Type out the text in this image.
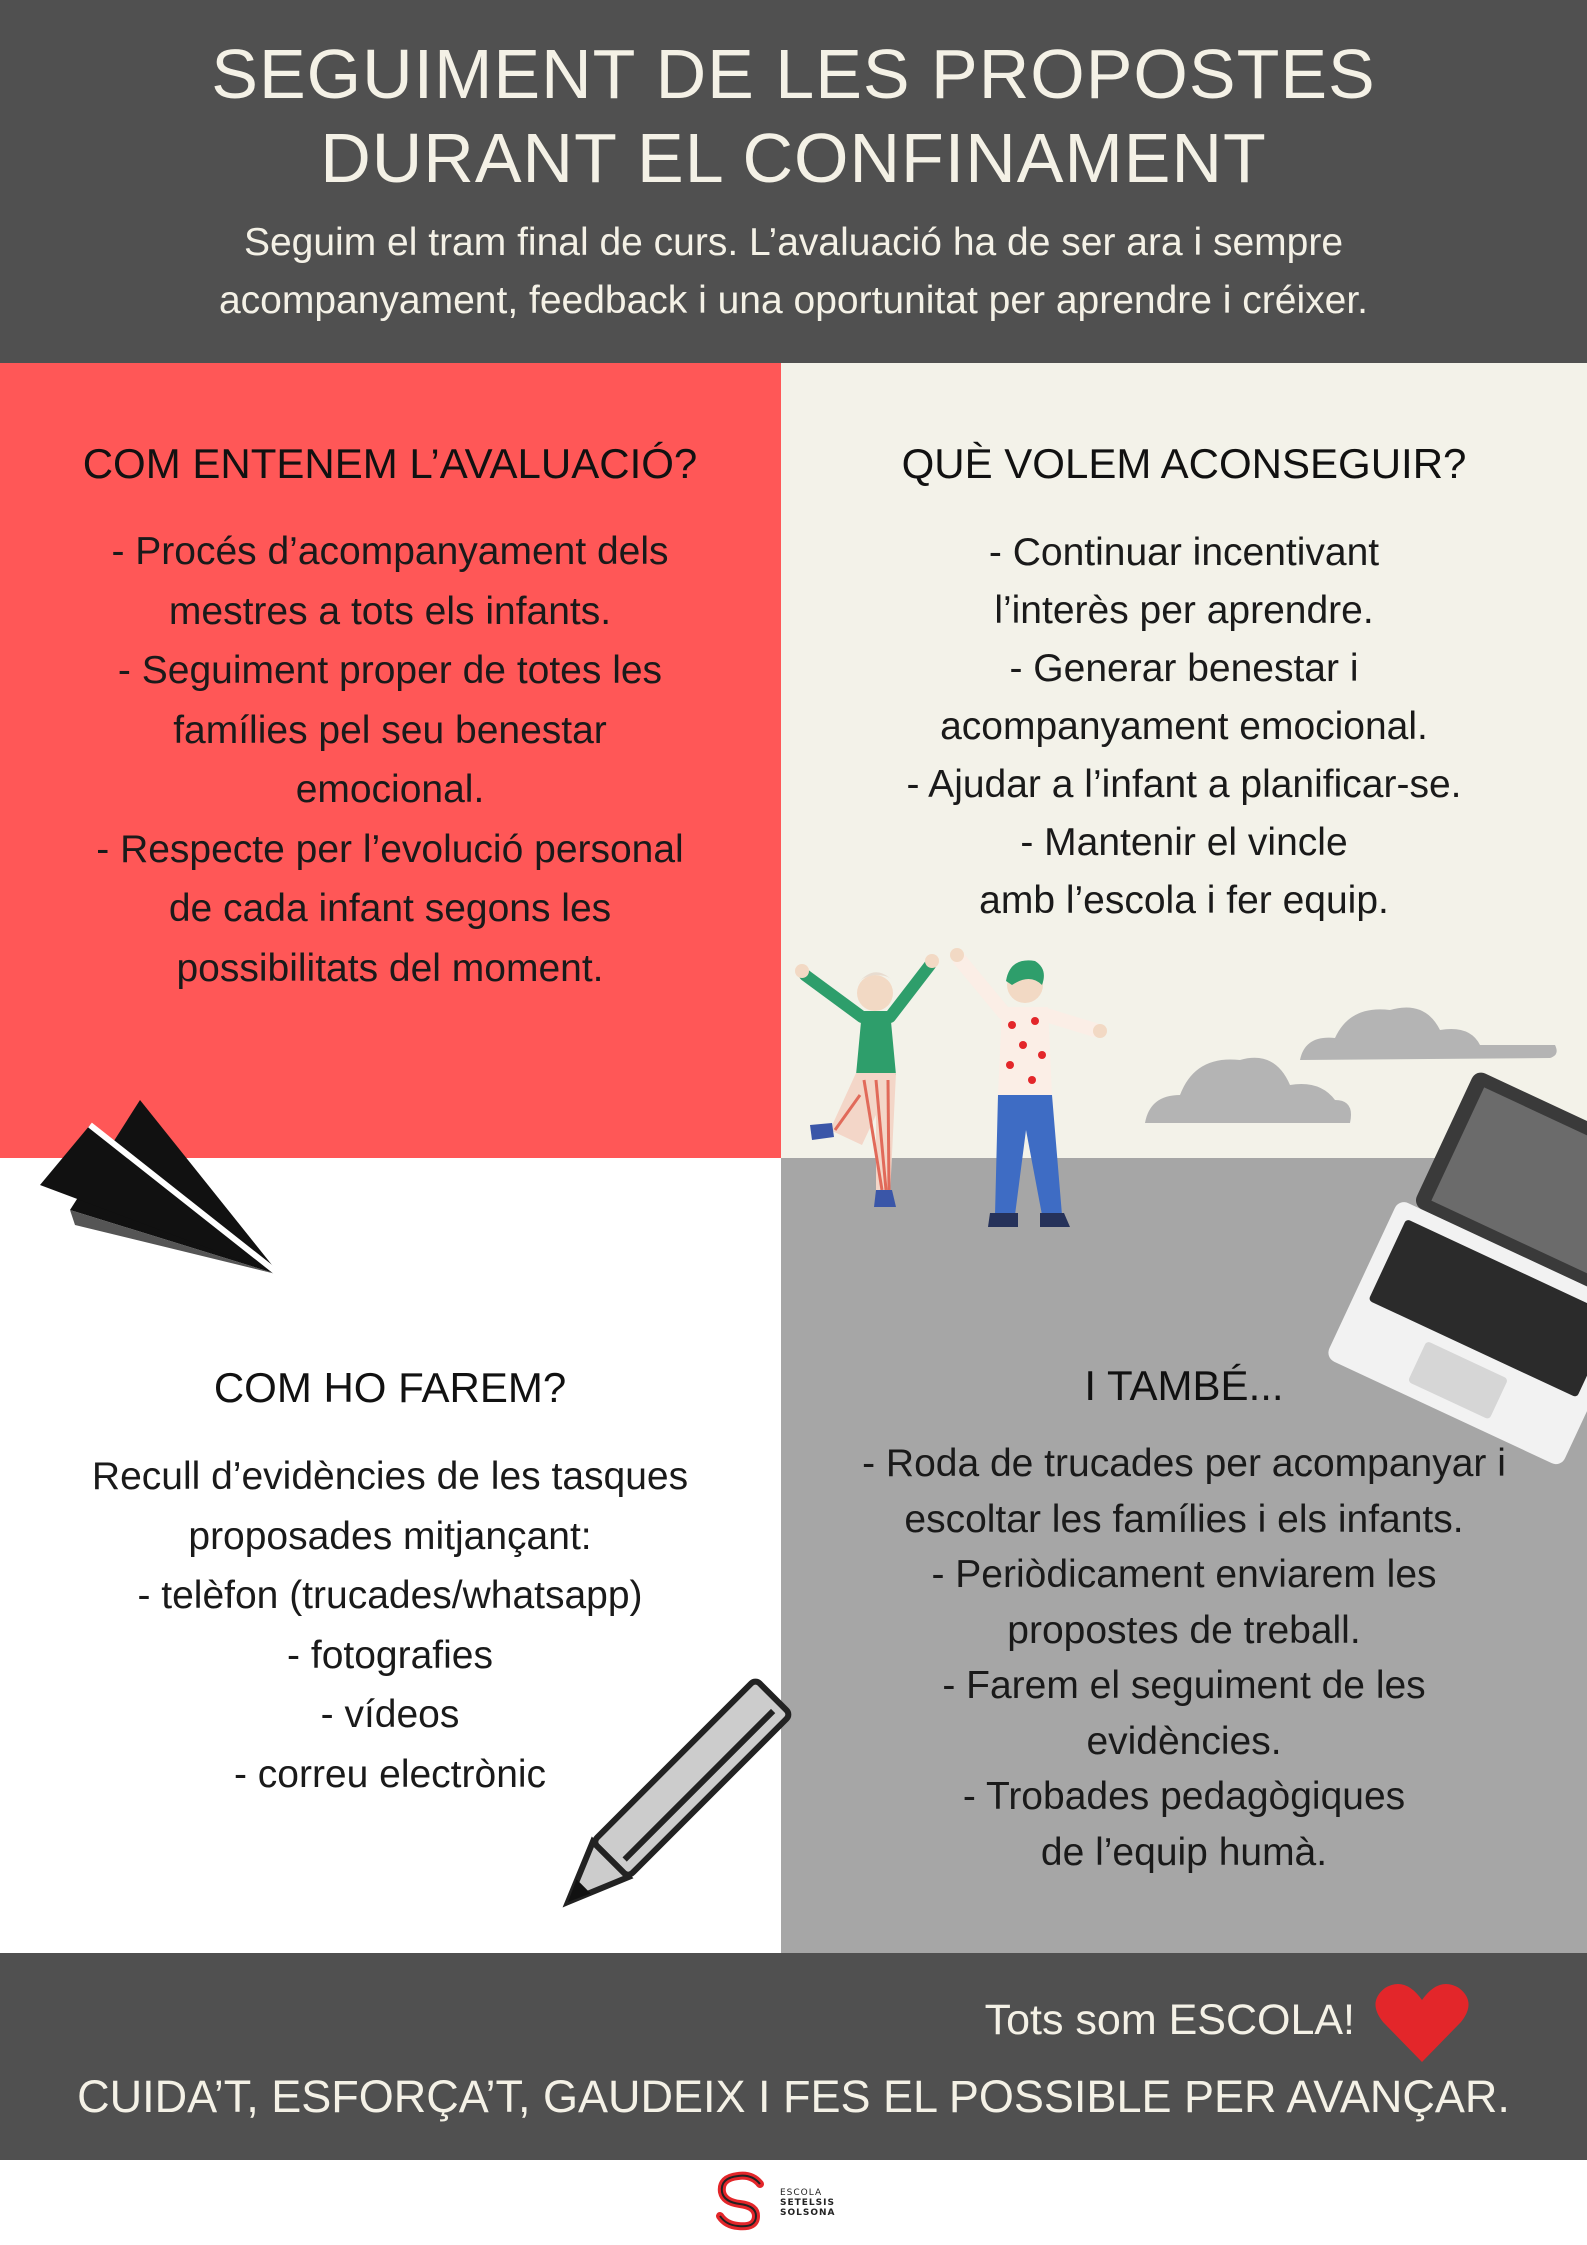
SEGUIMENT DE LES PROPOSTES
DURANT EL CONFINAMENT
Seguim el tram final de curs. L’avaluació ha de ser ara i sempre
acompanyament, feedback i una oportunitat per aprendre i créixer.
COM ENTENEM L’AVALUACIÓ?
- Procés d’acompanyament dels
mestres a tots els infants.
- Seguiment proper de totes les
famílies pel seu benestar
emocional.
- Respecte per l’evolució personal
de cada infant segons les
possibilitats del moment.
QUÈ VOLEM ACONSEGUIR?
- Continuar incentivant
l’interès per aprendre.
- Generar benestar i
acompanyament emocional.
- Ajudar a l’infant a planificar-se.
- Mantenir el vincle
amb l’escola i fer equip.
COM HO FAREM?
Recull d’evidències de les tasques
proposades mitjançant:
- telèfon (trucades/whatsapp)
- fotografies
- vídeos
- correu electrònic
I TAMBÉ...
- Roda de trucades per acompanyar i
escoltar les famílies i els infants.
- Periòdicament enviarem les
propostes de treball.
- Farem el seguiment de les
evidències.
- Trobades pedagògiques
de l’equip humà.
Tots som ESCOLA!
CUIDA’T, ESFORÇA’T, GAUDEIX I FES EL POSSIBLE PER AVANÇAR.
ESCOLA
SETELSIS
SOLSONA
